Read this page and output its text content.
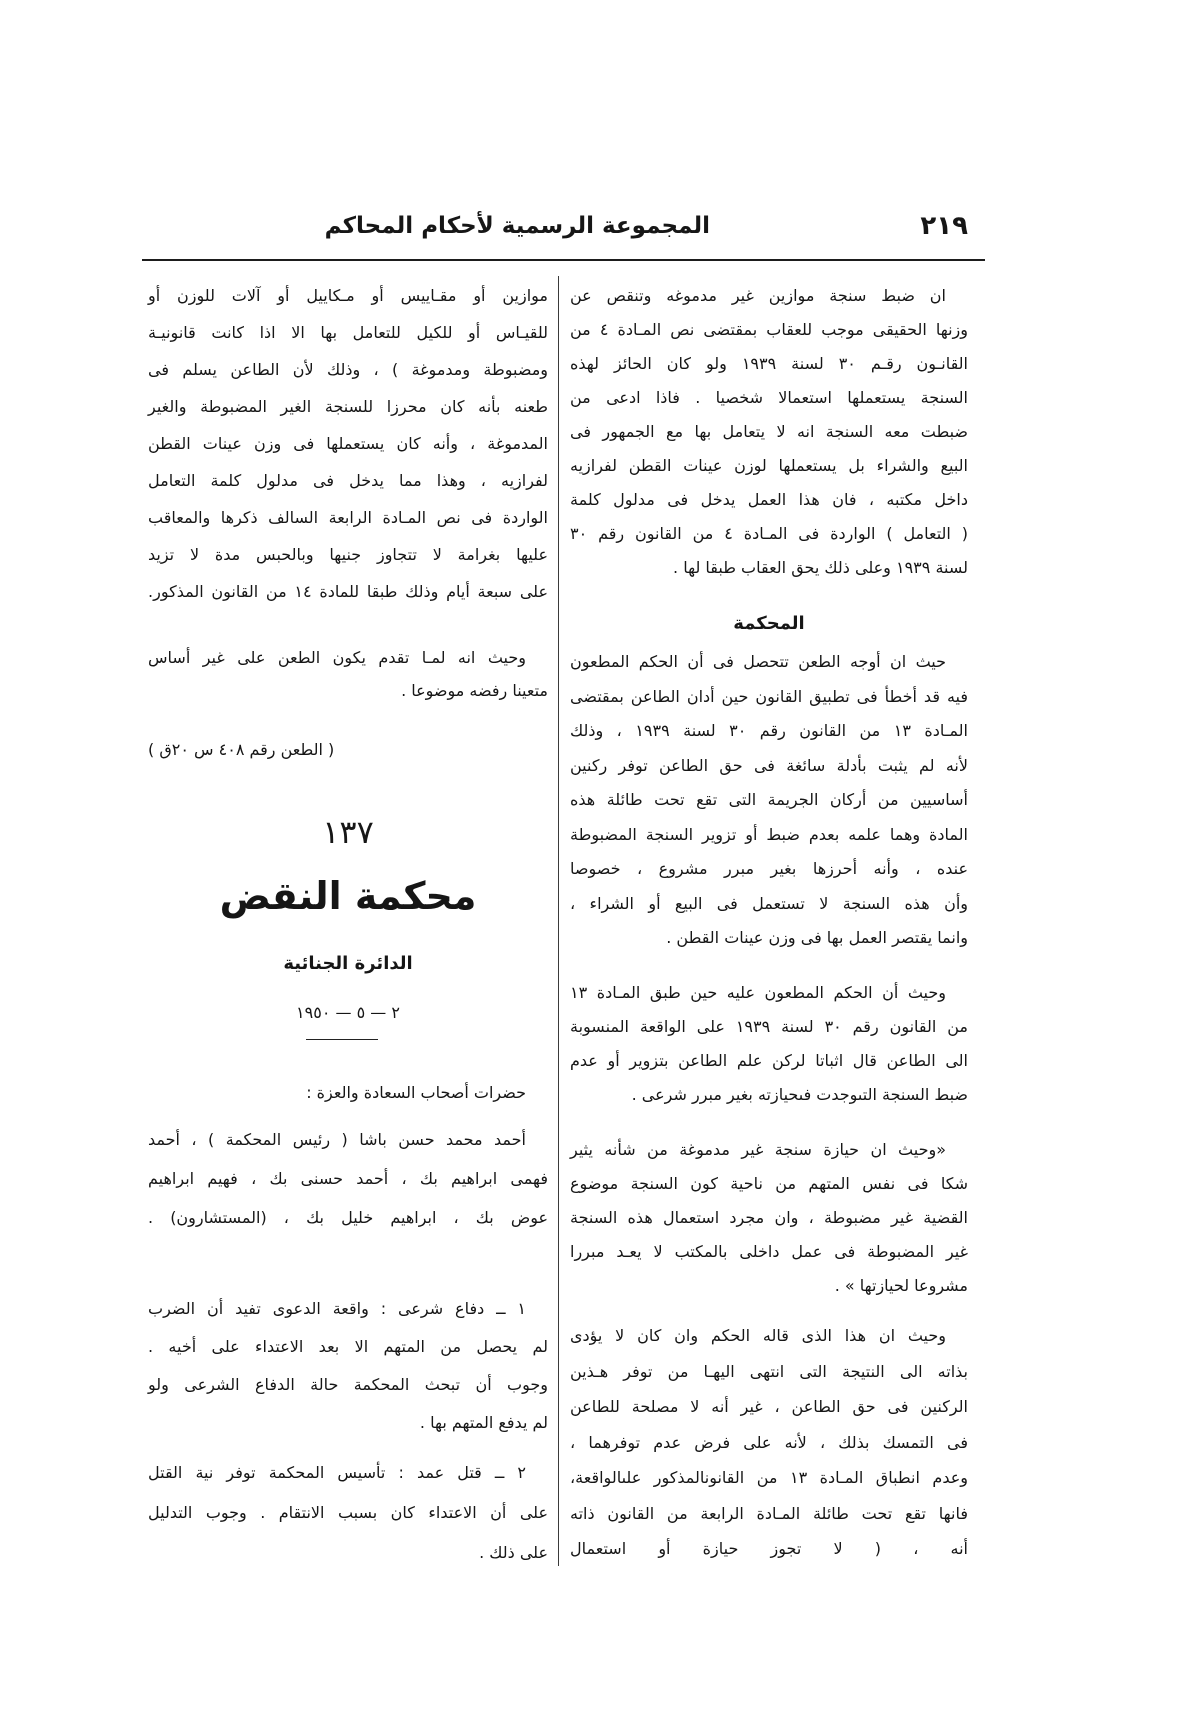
٢١٩
المجموعة الرسمية لأحكام المحاكم
ان ضبط سنجة موازين غير مدموغه وتنقص عن
وزنها الحقيقى موجب للعقاب بمقتضى نص المـادة ٤ من
القانـون رقـم ٣٠ لسنة ١٩٣٩ ولو كان الحائز لهذه
السنجة يستعملها استعمالا شخصيا . فاذا ادعى من
ضبطت معه السنجة انه لا يتعامل بها مع الجمهور فى
البيع والشراء بل يستعملها لوزن عينات القطن لفرازيه
داخل مكتبه ، فان هذا العمل يدخل فى مدلول كلمة
( التعامل ) الواردة فى المـادة ٤ من القانون رقم ٣٠
لسنة ١٩٣٩ وعلى ذلك يحق العقاب طبقا لها .
المحكمة
حيث ان أوجه الطعن تتحصل فى أن الحكم المطعون
فيه قد أخطأ فى تطبيق القانون حين أدان الطاعن بمقتضى
المـادة ١٣ من القانون رقم ٣٠ لسنة ١٩٣٩ ، وذلك
لأنه لم يثبت بأدلة سائغة فى حق الطاعن توفر ركنين
أساسيين من أركان الجريمة التى تقع تحت طائلة هذه
المادة وهما علمه بعدم ضبط أو تزوير السنجة المضبوطة
عنده ، وأنه أحرزها بغير مبرر مشروع ، خصوصا
وأن هذه السنجة لا تستعمل فى البيع أو الشراء ،
وانما يقتصر العمل بها فى وزن عينات القطن .
وحيث أن الحكم المطعون عليه حين طبق المـادة ١٣
من القانون رقم ٣٠ لسنة ١٩٣٩ على الواقعة المنسوبة
الى الطاعن قال اثباتا لركن علم الطاعن بتزوير أو عدم
ضبط السنجة التىوجدت فىحيازته بغير مبرر شرعى .
«وحيث ان حيازة سنجة غير مدموغة من شأنه يثير
شكا فى نفس المتهم من ناحية كون السنجة موضوع
القضية غير مضبوطة ، وان مجرد استعمال هذه السنجة
غير المضبوطة فى عمل داخلى بالمكتب لا يعـد مبررا
مشروعا لحيازتها » .
وحيث ان هذا الذى قاله الحكم وان كان لا يؤدى
بذاته الى النتيجة التى انتهى اليهـا من توفر هـذين
الركنين فى حق الطاعن ، غير أنه لا مصلحة للطاعن
فى التمسك بذلك ، لأنه على فرض عدم توفرهما ،
وعدم انطباق المـادة ١٣ من القانونالمذكور علىالواقعة،
فانها تقع تحت طائلة المـادة الرابعة من القانون ذاته
أنه ، ( لا تجوز حيازة أو استعمال
موازين أو مقـاييس أو مـكاييل أو آلات للوزن أو
للقيـاس أو للكيل للتعامل بها الا اذا كانت قانونيـة
ومضبوطة ومدموغة ) ، وذلك لأن الطاعن يسلم فى
طعنه بأنه كان محرزا للسنجة الغير المضبوطة والغير
المدموغة ، وأنه كان يستعملها فى وزن عينات القطن
لفرازيه ، وهذا مما يدخل فى مدلول كلمة التعامل
الواردة فى نص المـادة الرابعة السالف ذكرها والمعاقب
عليها بغرامة لا تتجاوز جنيها وبالحبس مدة لا تزيد
على سبعة أيام وذلك طبقا للمادة ١٤ من القانون المذكور.
وحيث انه لمـا تقدم يكون الطعن على غير أساس
متعينا رفضه موضوعا .
( الطعن رقم ٤٠٨ س ٢٠ق )
١٣٧
محكمة النقض
الدائرة الجنائية
٢ — ٥ — ١٩٥٠
حضرات أصحاب السعادة والعزة :
أحمد محمد حسن باشا ( رئيس المحكمة ) ، أحمد
فهمى ابراهيم بك ، أحمد حسنى بك ، فهيم ابراهيم
عوض بك ، ابراهيم خليل بك ، (المستشارون) .
١ ــ دفاع شرعى : واقعة الدعوى تفيد أن الضرب
لم يحصل من المتهم الا بعد الاعتداء على أخيه .
وجوب أن تبحث المحكمة حالة الدفاع الشرعى ولو
لم يدفع المتهم بها .
٢ ــ قتل عمد : تأسيس المحكمة توفر نية القتل
على أن الاعتداء كان بسبب الانتقام . وجوب التدليل
على ذلك .
